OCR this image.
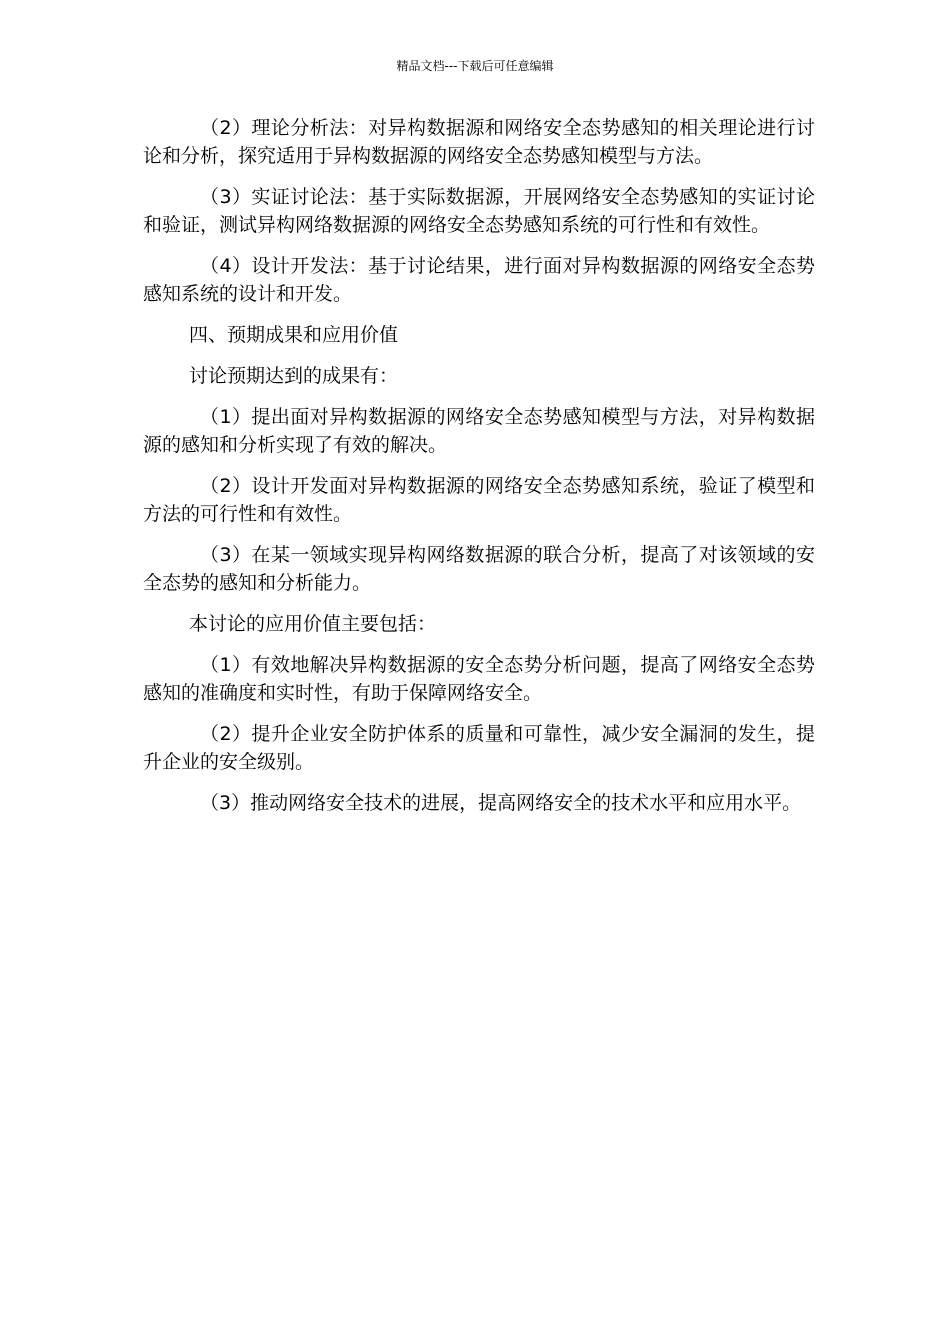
精品文档---下载后可任意编辑

（2）理论分析法：对异构数据源和网络安全态势感知的相关理论进行讨论和分析，探究适用于异构数据源的网络安全态势感知模型与方法。

（3）实证讨论法：基于实际数据源，开展网络安全态势感知的实证讨论和验证，测试异构网络数据源的网络安全态势感知系统的可行性和有效性。

（4）设计开发法：基于讨论结果，进行面对异构数据源的网络安全态势感知系统的设计和开发。

四、预期成果和应用价值

讨论预期达到的成果有：

（1）提出面对异构数据源的网络安全态势感知模型与方法，对异构数据源的感知和分析实现了有效的解决。

（2）设计开发面对异构数据源的网络安全态势感知系统，验证了模型和方法的可行性和有效性。

（3）在某一领域实现异构网络数据源的联合分析，提高了对该领域的安全态势的感知和分析能力。

本讨论的应用价值主要包括：

（1）有效地解决异构数据源的安全态势分析问题，提高了网络安全态势感知的准确度和实时性，有助于保障网络安全。

（2）提升企业安全防护体系的质量和可靠性，减少安全漏洞的发生，提升企业的安全级别。

（3）推动网络安全技术的进展，提高网络安全的技术水平和应用水平。
